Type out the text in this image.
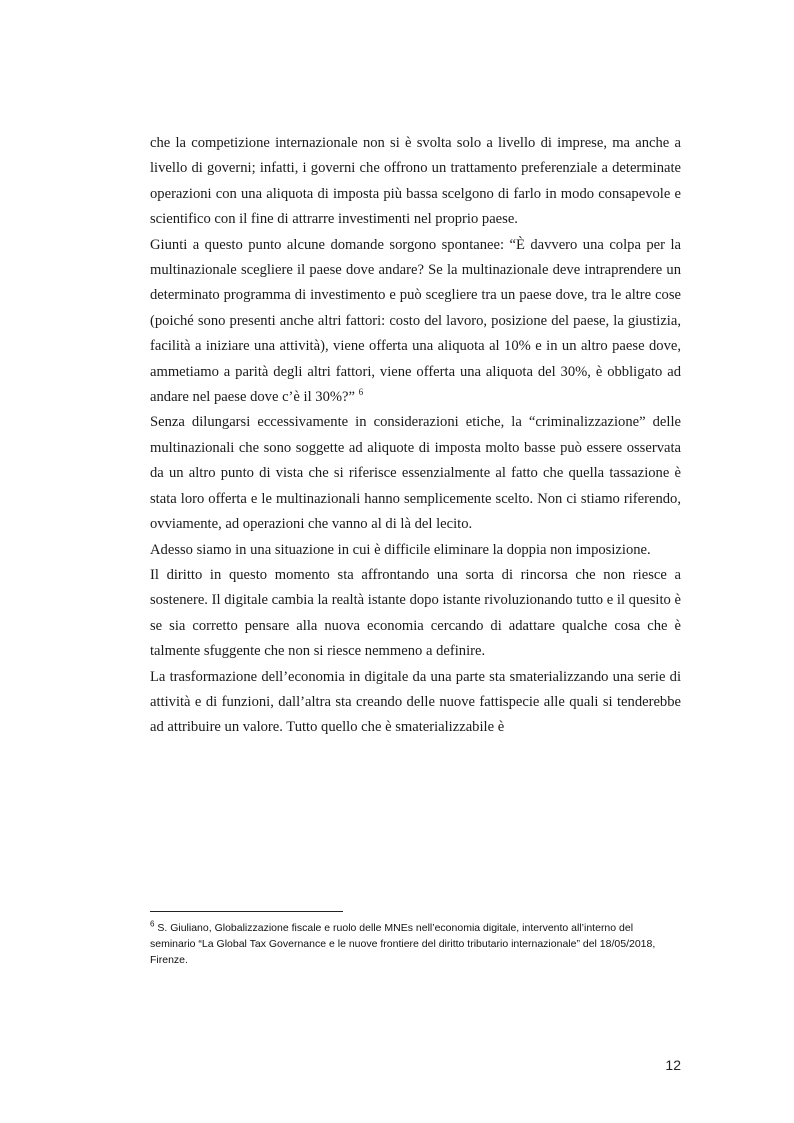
che la competizione internazionale non si è svolta solo a livello di imprese, ma anche a livello di governi; infatti, i governi che offrono un trattamento preferenziale a determinate operazioni con una aliquota di imposta più bassa scelgono di farlo in modo consapevole e scientifico con il fine di attrarre investimenti nel proprio paese.

Giunti a questo punto alcune domande sorgono spontanee: “È davvero una colpa per la multinazionale scegliere il paese dove andare? Se la multinazionale deve intraprendere un determinato programma di investimento e può scegliere tra un paese dove, tra le altre cose (poiché sono presenti anche altri fattori: costo del lavoro, posizione del paese, la giustizia, facilità a iniziare una attività), viene offerta una aliquota al 10% e in un altro paese dove, ammetiamo a parità degli altri fattori, viene offerta una aliquota del 30%, è obbligato ad andare nel paese dove c’è il 30%?” $^6$

Senza dilungarsi eccessivamente in considerazioni etiche, la “criminalizzazione” delle multinazionali che sono soggette ad aliquote di imposta molto basse può essere osservata da un altro punto di vista che si riferisce essenzialmente al fatto che quella tassazione è stata loro offerta e le multinazionali hanno semplicemente scelto. Non ci stiamo riferendo, ovviamente, ad operazioni che vanno al di là del lecito.

Adesso siamo in una situazione in cui è difficile eliminare la doppia non imposizione.

Il diritto in questo momento sta affrontando una sorta di rincorsa che non riesce a sostenere. Il digitale cambia la realtà istante dopo istante rivoluzionando tutto e il quesito è se sia corretto pensare alla nuova economia cercando di adattare qualche cosa che è talmente sfuggente che non si riesce nemmeno a definire.

La trasformazione dell’economia in digitale da una parte sta smaterializzando una serie di attività e di funzioni, dall’altra sta creando delle nuove fattispecie alle quali si tenderebbe ad attribuire un valore. Tutto quello che è smaterializzabile è

$^6$ S. Giuliano, Globalizzazione fiscale e ruolo delle MNEs nell’economia digitale, intervento all’interno del seminario “La Global Tax Governance e le nuove frontiere del diritto tributario internazionale” del 18/05/2018, Firenze.
12
